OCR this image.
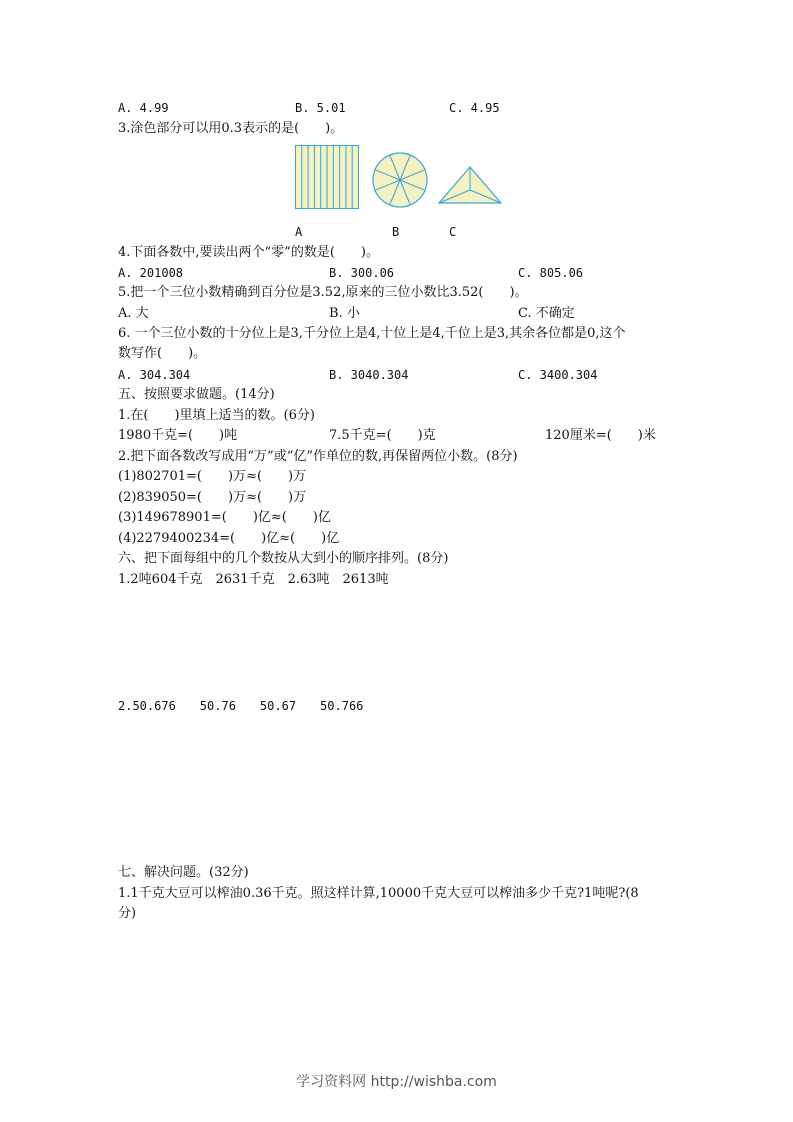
A. 4.99	B. 5.01	C. 4.95
3.涂色部分可以用0.3表示的是(　　)。
A	B	C
4.下面各数中,要读出两个“零”的数是(　　)。
A. 201008	B. 300.06	C. 805.06
5.把一个三位小数精确到百分位是3.52,原来的三位小数比3.52(　　)。
A. 大	B. 小	C. 不确定
6. 一个三位小数的十分位上是3,千分位上是4,十位上是4,千位上是3,其余各位都是0,这个
数写作(　　)。
A. 304.304	B. 3040.304	C. 3400.304
五、按照要求做题。(14分)
1.在(　　)里填上适当的数。(6分)
1980千克=(　　)吨	7.5千克=(　　)克	120厘米=(　　)米
2.把下面各数改写成用“万”或“亿”作单位的数,再保留两位小数。(8分)
(1)802701=(　　)万≈(　　)万
(2)839050=(　　)万≈(　　)万
(3)149678901=(　　)亿≈(　　)亿
(4)2279400234=(　　)亿≈(　　)亿
六、把下面每组中的几个数按从大到小的顺序排列。(8分)
1.2吨604千克　2631千克　2.63吨　2613吨
2.50.676　　50.76　　50.67　　50.766
七、解决问题。(32分)
1.1千克大豆可以榨油0.36千克。照这样计算,10000千克大豆可以榨油多少千克?1吨呢?(8
分)
学习资料网 http://wishba.com
